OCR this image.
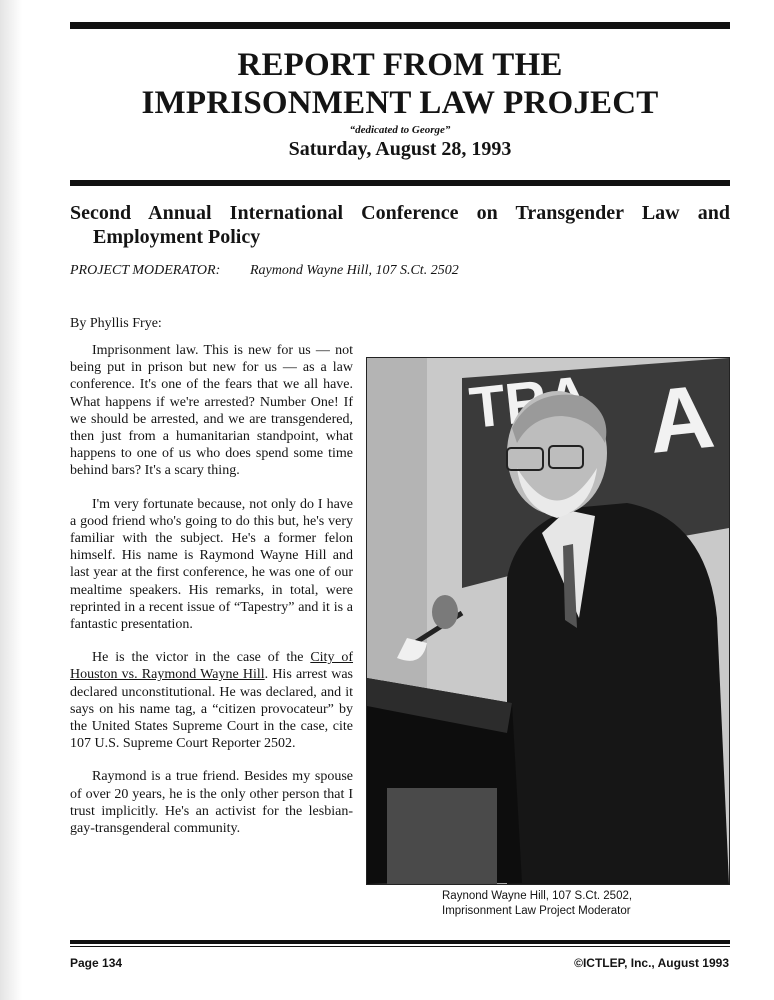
REPORT FROM THE
IMPRISONMENT LAW PROJECT
“dedicated to George”
Saturday, August 28, 1993
Second Annual International Conference on Transgender Law and
Employment Policy
PROJECT MODERATOR: Raymond Wayne Hill, 107 S.Ct. 2502
By Phyllis Frye:

Imprisonment law. This is new for us — not being put in prison but new for us — as a law conference. It's one of the fears that we all have. What happens if we're arrested? Number One! If we should be arrested, and we are transgendered, then just from a humanitarian standpoint, what happens to one of us who does spend some time behind bars? It's a scary thing.

I'm very fortunate because, not only do I have a good friend who's going to do this but, he's very familiar with the subject. He's a former felon himself. His name is Raymond Wayne Hill and last year at the first conference, he was one of our mealtime speakers. His remarks, in total, were reprinted in a recent issue of “Tapestry” and it is a fantastic presentation.

He is the victor in the case of the City of Houston vs. Raymond Wayne Hill. His arrest was declared unconstitutional. He was declared, and it says on his name tag, a “citizen provocateur” by the United States Supreme Court in the case, cite 107 U.S. Supreme Court Reporter 2502.

Raymond is a true friend. Besides my spouse of over 20 years, he is the only other person that I trust implicitly. He's an activist for the lesbian-gay-transgenderal community.

A
Raynond Wayne Hill, 107 S.Ct. 2502,
Imprisonment Law Project Moderator
Page 134	©ICTLEP, Inc., August 1993
